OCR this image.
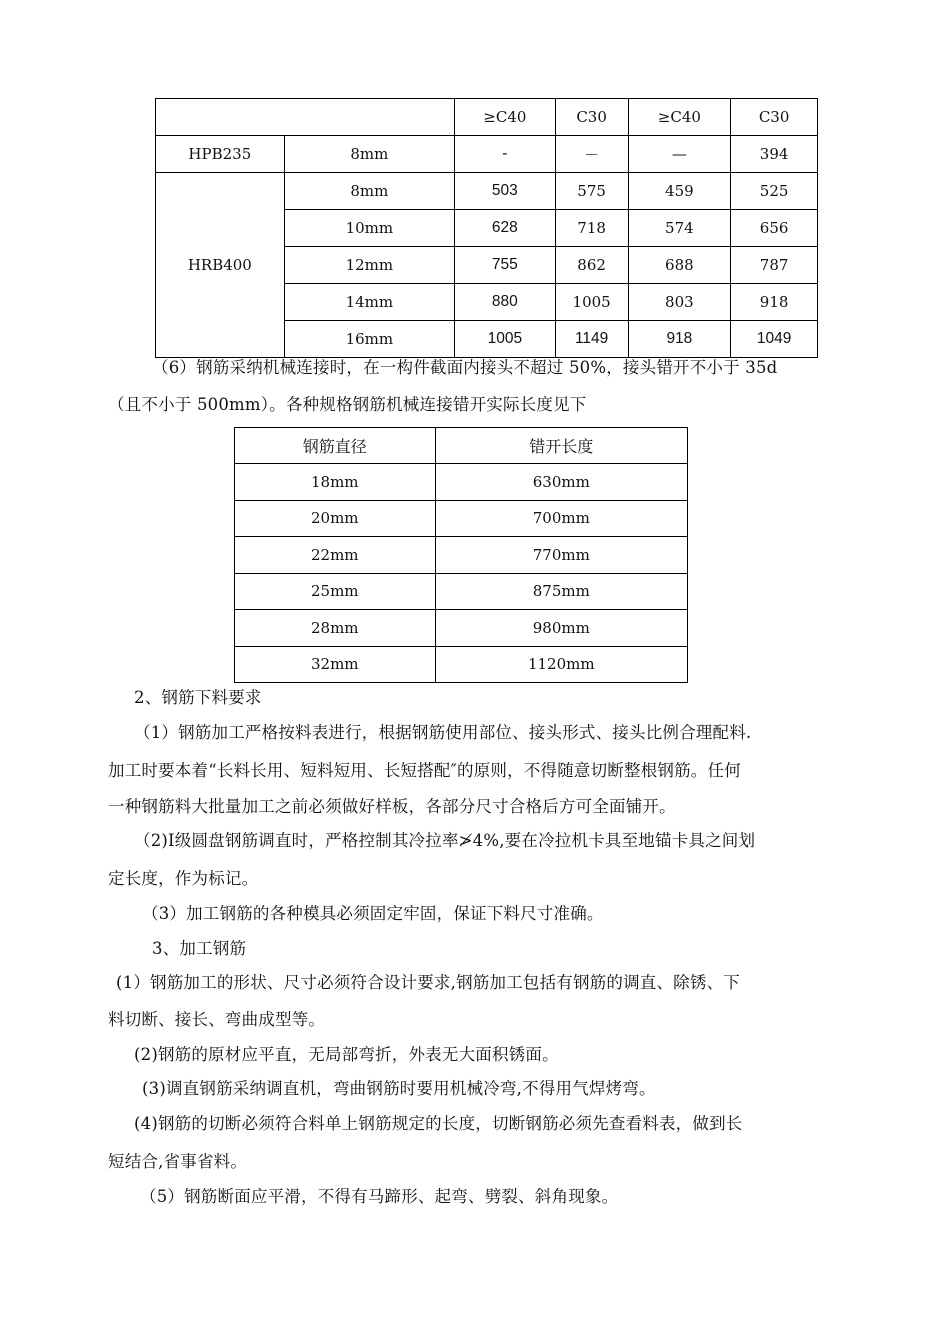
		≥C40	C30	≥C40	C30
HPB235	8mm	-	－	—	394
HRB400	8mm	503	575	459	525
	10mm	628	718	574	656
	12mm	755	862	688	787
	14mm	880	1005	803	918
	16mm	1005	1149	918	1049

（6）钢筋采纳机械连接时，在一构件截面内接头不超过 50%，接头错开不小于 35d

（且不小于 500mm）。各种规格钢筋机械连接错开实际长度见下

钢筋直径	错开长度
18mm	630mm
20mm	700mm
22mm	770mm
25mm	875mm
28mm	980mm
32mm	1120mm

2、钢筋下料要求

（1）钢筋加工严格按料表进行，根据钢筋使用部位、接头形式、接头比例合理配料.

加工时要本着“长料长用、短料短用、长短搭配″的原则，不得随意切断整根钢筋。任何

一种钢筋料大批量加工之前必须做好样板，各部分尺寸合格后方可全面铺开。

（2)Ⅰ级圆盘钢筋调直时，严格控制其冷拉率≯4%,要在冷拉机卡具至地锚卡具之间划

定长度，作为标记。

（3）加工钢筋的各种模具必须固定牢固，保证下料尺寸准确。

3、加工钢筋

(1）钢筋加工的形状、尺寸必须符合设计要求,钢筋加工包括有钢筋的调直、除锈、下

料切断、接长、弯曲成型等。

(2)钢筋的原材应平直，无局部弯折，外表无大面积锈面。

(3)调直钢筋采纳调直机，弯曲钢筋时要用机械冷弯,不得用气焊烤弯。

(4)钢筋的切断必须符合料单上钢筋规定的长度，切断钢筋必须先查看料表，做到长

短结合,省事省料。

（5）钢筋断面应平滑，不得有马蹄形、起弯、劈裂、斜角现象。
